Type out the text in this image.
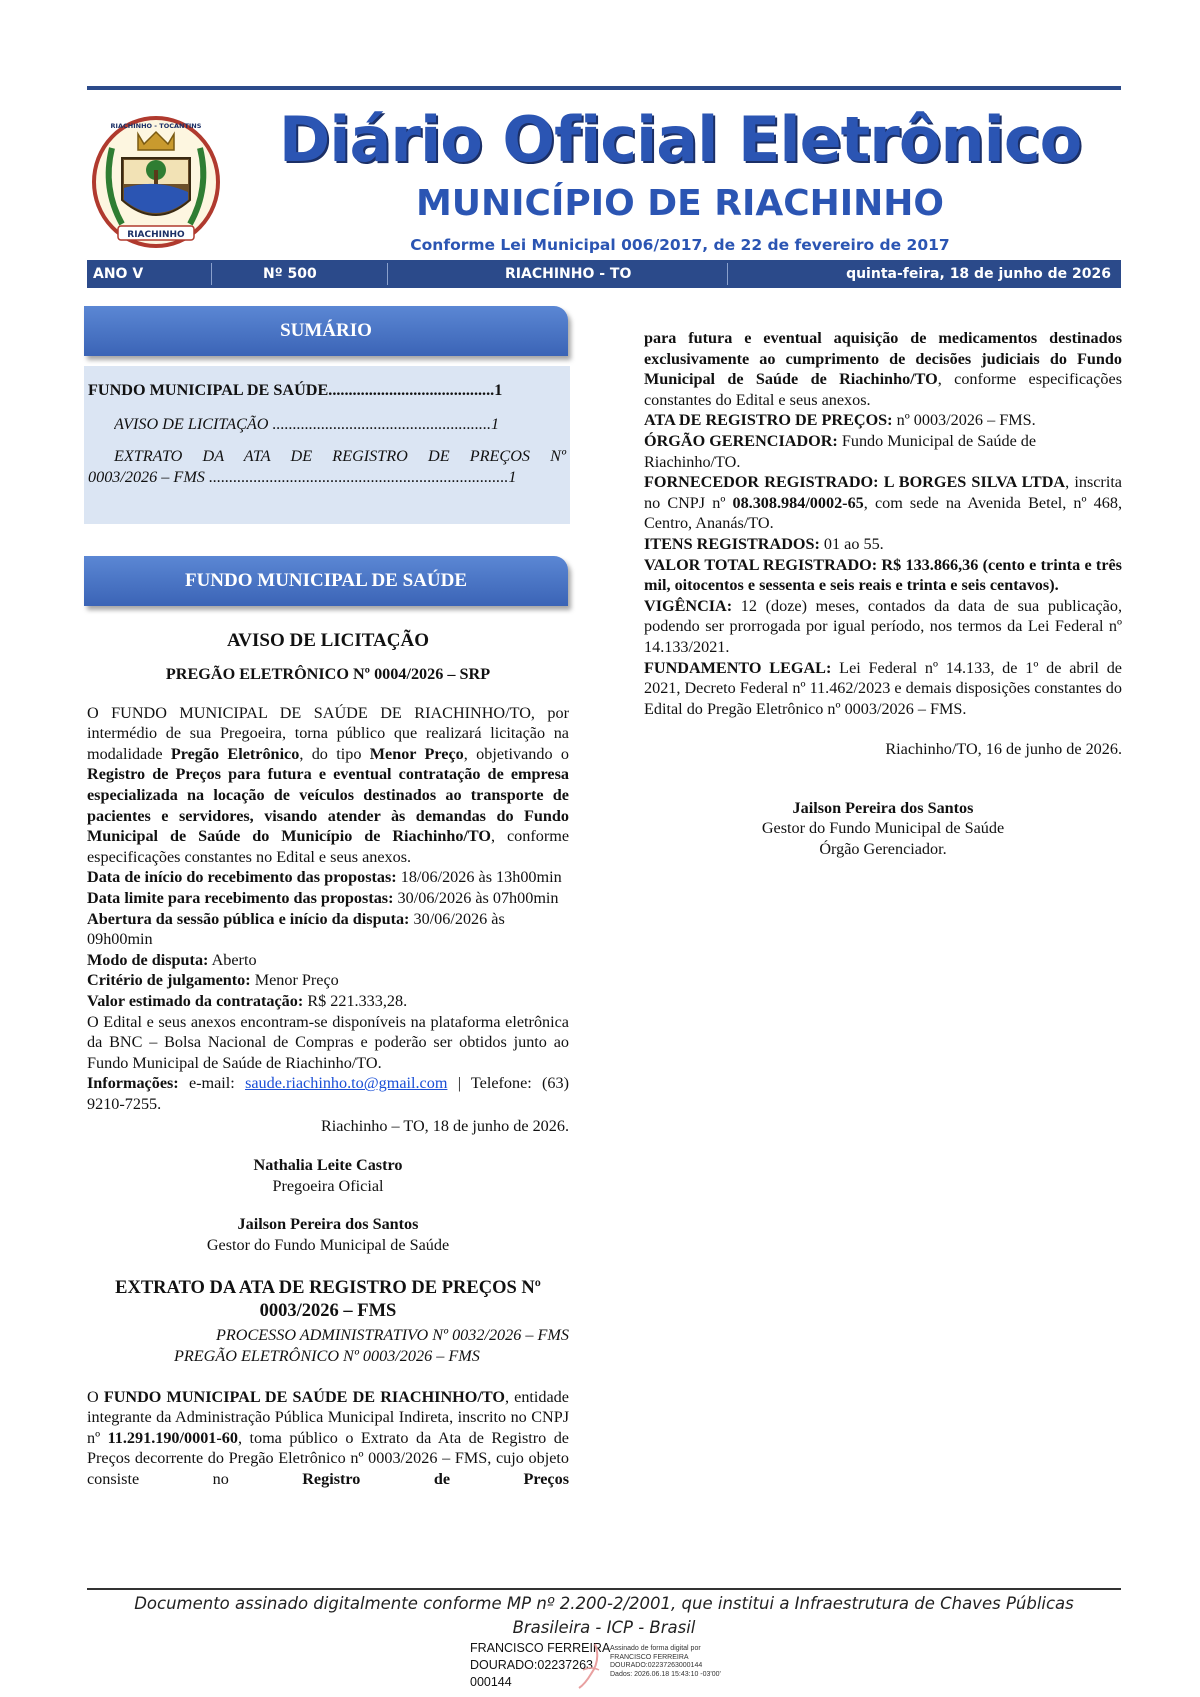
RIACHINHO
RIACHINHO - TOCANTINS	Diário Oficial Eletrônico
MUNICÍPIO DE RIACHINHO
Conforme Lei Municipal 006/2017, de 22 de fevereiro de 2017
ANO V	Nº 500	RIACHINHO - TO	quinta-feira, 18 de junho de 2026
SUMÁRIO
FUNDO MUNICIPAL DE SAÚDE.........................................1
AVISO DE LICITAÇÃO ......................................................1
EXTRATO DA ATA DE REGISTRO DE PREÇOS Nº
0003/2026 – FMS ..........................................................................1
FUNDO MUNICIPAL DE SAÚDE

AVISO DE LICITAÇÃO

PREGÃO ELETRÔNICO Nº 0004/2026 – SRP

O FUNDO MUNICIPAL DE SAÚDE DE RIACHINHO/TO, por intermédio de sua Pregoeira, torna público que realizará licitação na modalidade Pregão Eletrônico, do tipo Menor Preço, objetivando o Registro de Preços para futura e eventual contratação de empresa especializada na locação de veículos destinados ao transporte de pacientes e servidores, visando atender às demandas do Fundo Municipal de Saúde do Município de Riachinho/TO, conforme especificações constantes no Edital e seus anexos.

Data de início do recebimento das propostas: 18/06/2026 às 13h00min

Data limite para recebimento das propostas: 30/06/2026 às 07h00min

Abertura da sessão pública e início da disputa: 30/06/2026 às 09h00min

Modo de disputa: Aberto

Critério de julgamento: Menor Preço

Valor estimado da contratação: R$ 221.333,28.

O Edital e seus anexos encontram-se disponíveis na plataforma eletrônica da BNC – Bolsa Nacional de Compras e poderão ser obtidos junto ao Fundo Municipal de Saúde de Riachinho/TO.

Informações: e-mail: saude.riachinho.to@gmail.com | Telefone: (63) 9210-7255.

Riachinho – TO, 18 de junho de 2026.

Nathalia Leite Castro

Pregoeira Oficial

Jailson Pereira dos Santos

Gestor do Fundo Municipal de Saúde

EXTRATO DA ATA DE REGISTRO DE PREÇOS Nº
0003/2026 – FMS

PROCESSO ADMINISTRATIVO Nº 0032/2026 – FMS

PREGÃO ELETRÔNICO Nº 0003/2026 – FMS

O FUNDO MUNICIPAL DE SAÚDE DE RIACHINHO/TO, entidade integrante da Administração Pública Municipal Indireta, inscrito no CNPJ nº 11.291.190/0001-60, toma público o Extrato da Ata de Registro de Preços decorrente do Pregão Eletrônico nº 0003/2026 – FMS, cujo objeto consiste no Registro de Preços

para futura e eventual aquisição de medicamentos destinados exclusivamente ao cumprimento de decisões judiciais do Fundo Municipal de Saúde de Riachinho/TO, conforme especificações constantes do Edital e seus anexos.

ATA DE REGISTRO DE PREÇOS: nº 0003/2026 – FMS.

ÓRGÃO GERENCIADOR: Fundo Municipal de Saúde de Riachinho/TO.

FORNECEDOR REGISTRADO: L BORGES SILVA LTDA, inscrita no CNPJ nº 08.308.984/0002-65, com sede na Avenida Betel, nº 468, Centro, Ananás/TO.

ITENS REGISTRADOS: 01 ao 55.

VALOR TOTAL REGISTRADO: R$ 133.866,36 (cento e trinta e três mil, oitocentos e sessenta e seis reais e trinta e seis centavos).

VIGÊNCIA: 12 (doze) meses, contados da data de sua publicação, podendo ser prorrogada por igual período, nos termos da Lei Federal nº 14.133/2021.

FUNDAMENTO LEGAL: Lei Federal nº 14.133, de 1º de abril de 2021, Decreto Federal nº 11.462/2023 e demais disposições constantes do Edital do Pregão Eletrônico nº 0003/2026 – FMS.

Riachinho/TO, 16 de junho de 2026.

Jailson Pereira dos Santos

Gestor do Fundo Municipal de Saúde

Órgão Gerenciador.

Documento assinado digitalmente conforme MP nº 2.200-2/2001, que institui a Infraestrutura de Chaves Públicas
Brasileira - ICP - Brasil
FRANCISCO FERREIRA
DOURADO:02237263
000144
Assinado de forma digital por
FRANCISCO FERREIRA
DOURADO:02237263000144
Dados: 2026.06.18 15:43:10 -03'00'
